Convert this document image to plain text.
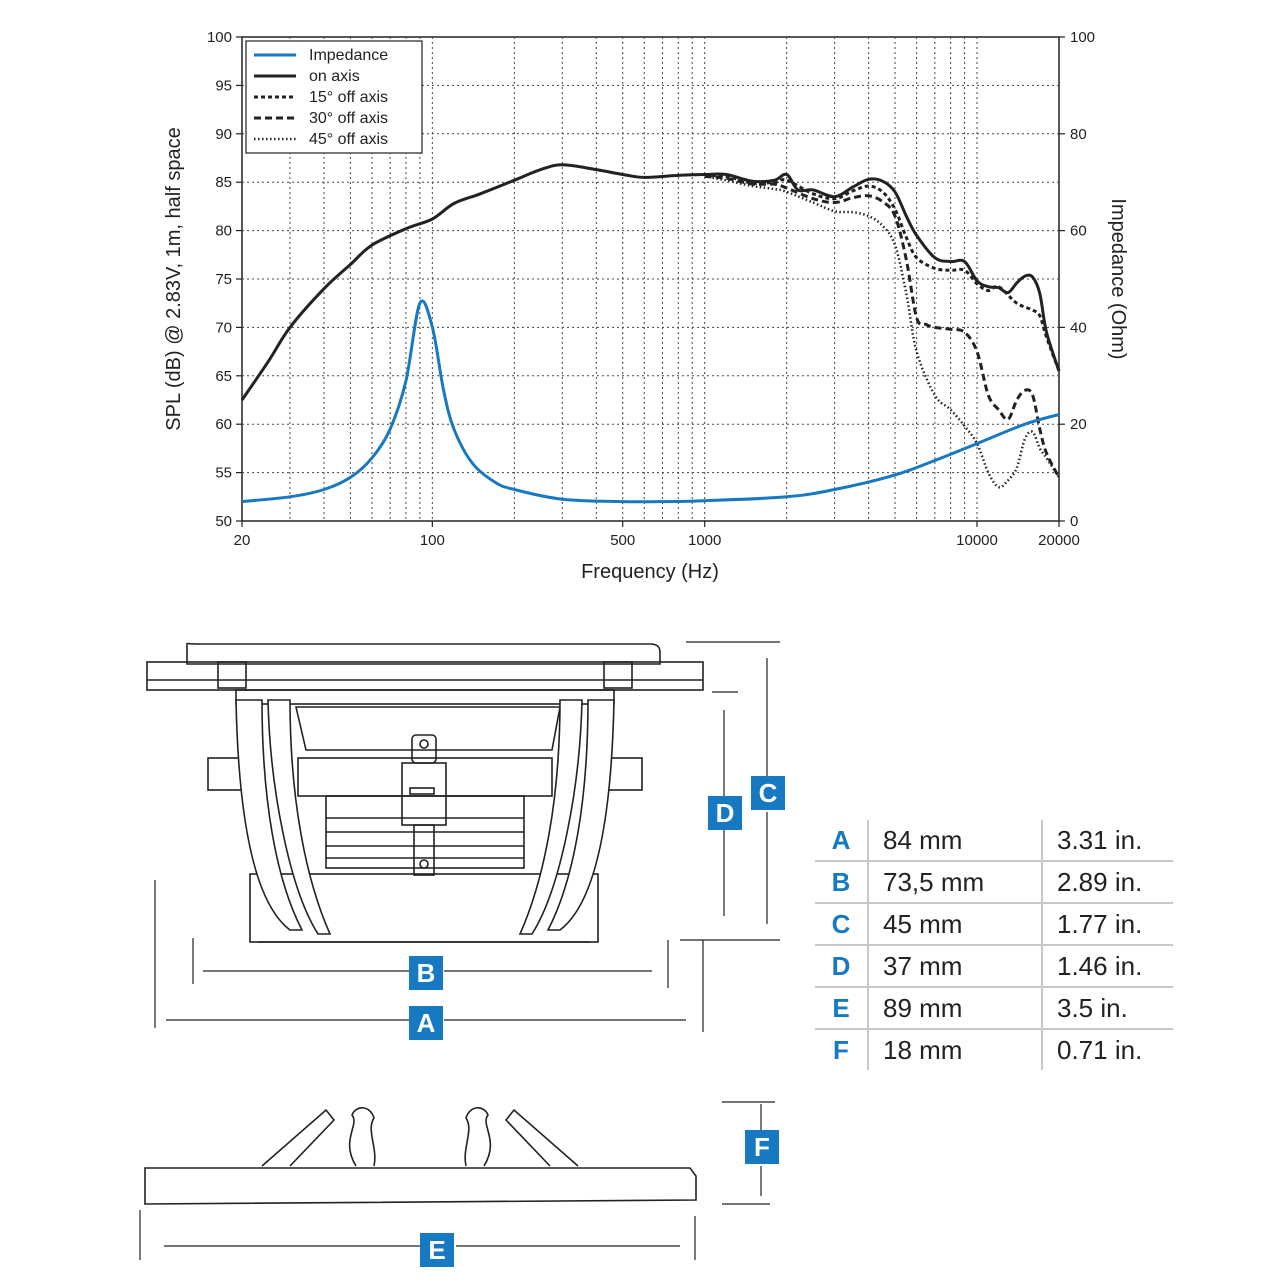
20	100	500	1000	10000	20000
50
55
60
65
70
75
80
85
90
95
100
0
20
40
60
80
100
Frequency (Hz)
SPL (dB) @ 2.83V, 1m, half space	Impedance (Ohm)
Impedance
on axis
15° off axis
30° off axis
45° off axis
A
B
C
D
E
F
A	84 mm	3.31 in.
B	73,5 mm	2.89 in.
C	45 mm	1.77 in.
D	37 mm	1.46 in.
E	89 mm	3.5 in.
F	18 mm	0.71 in.
